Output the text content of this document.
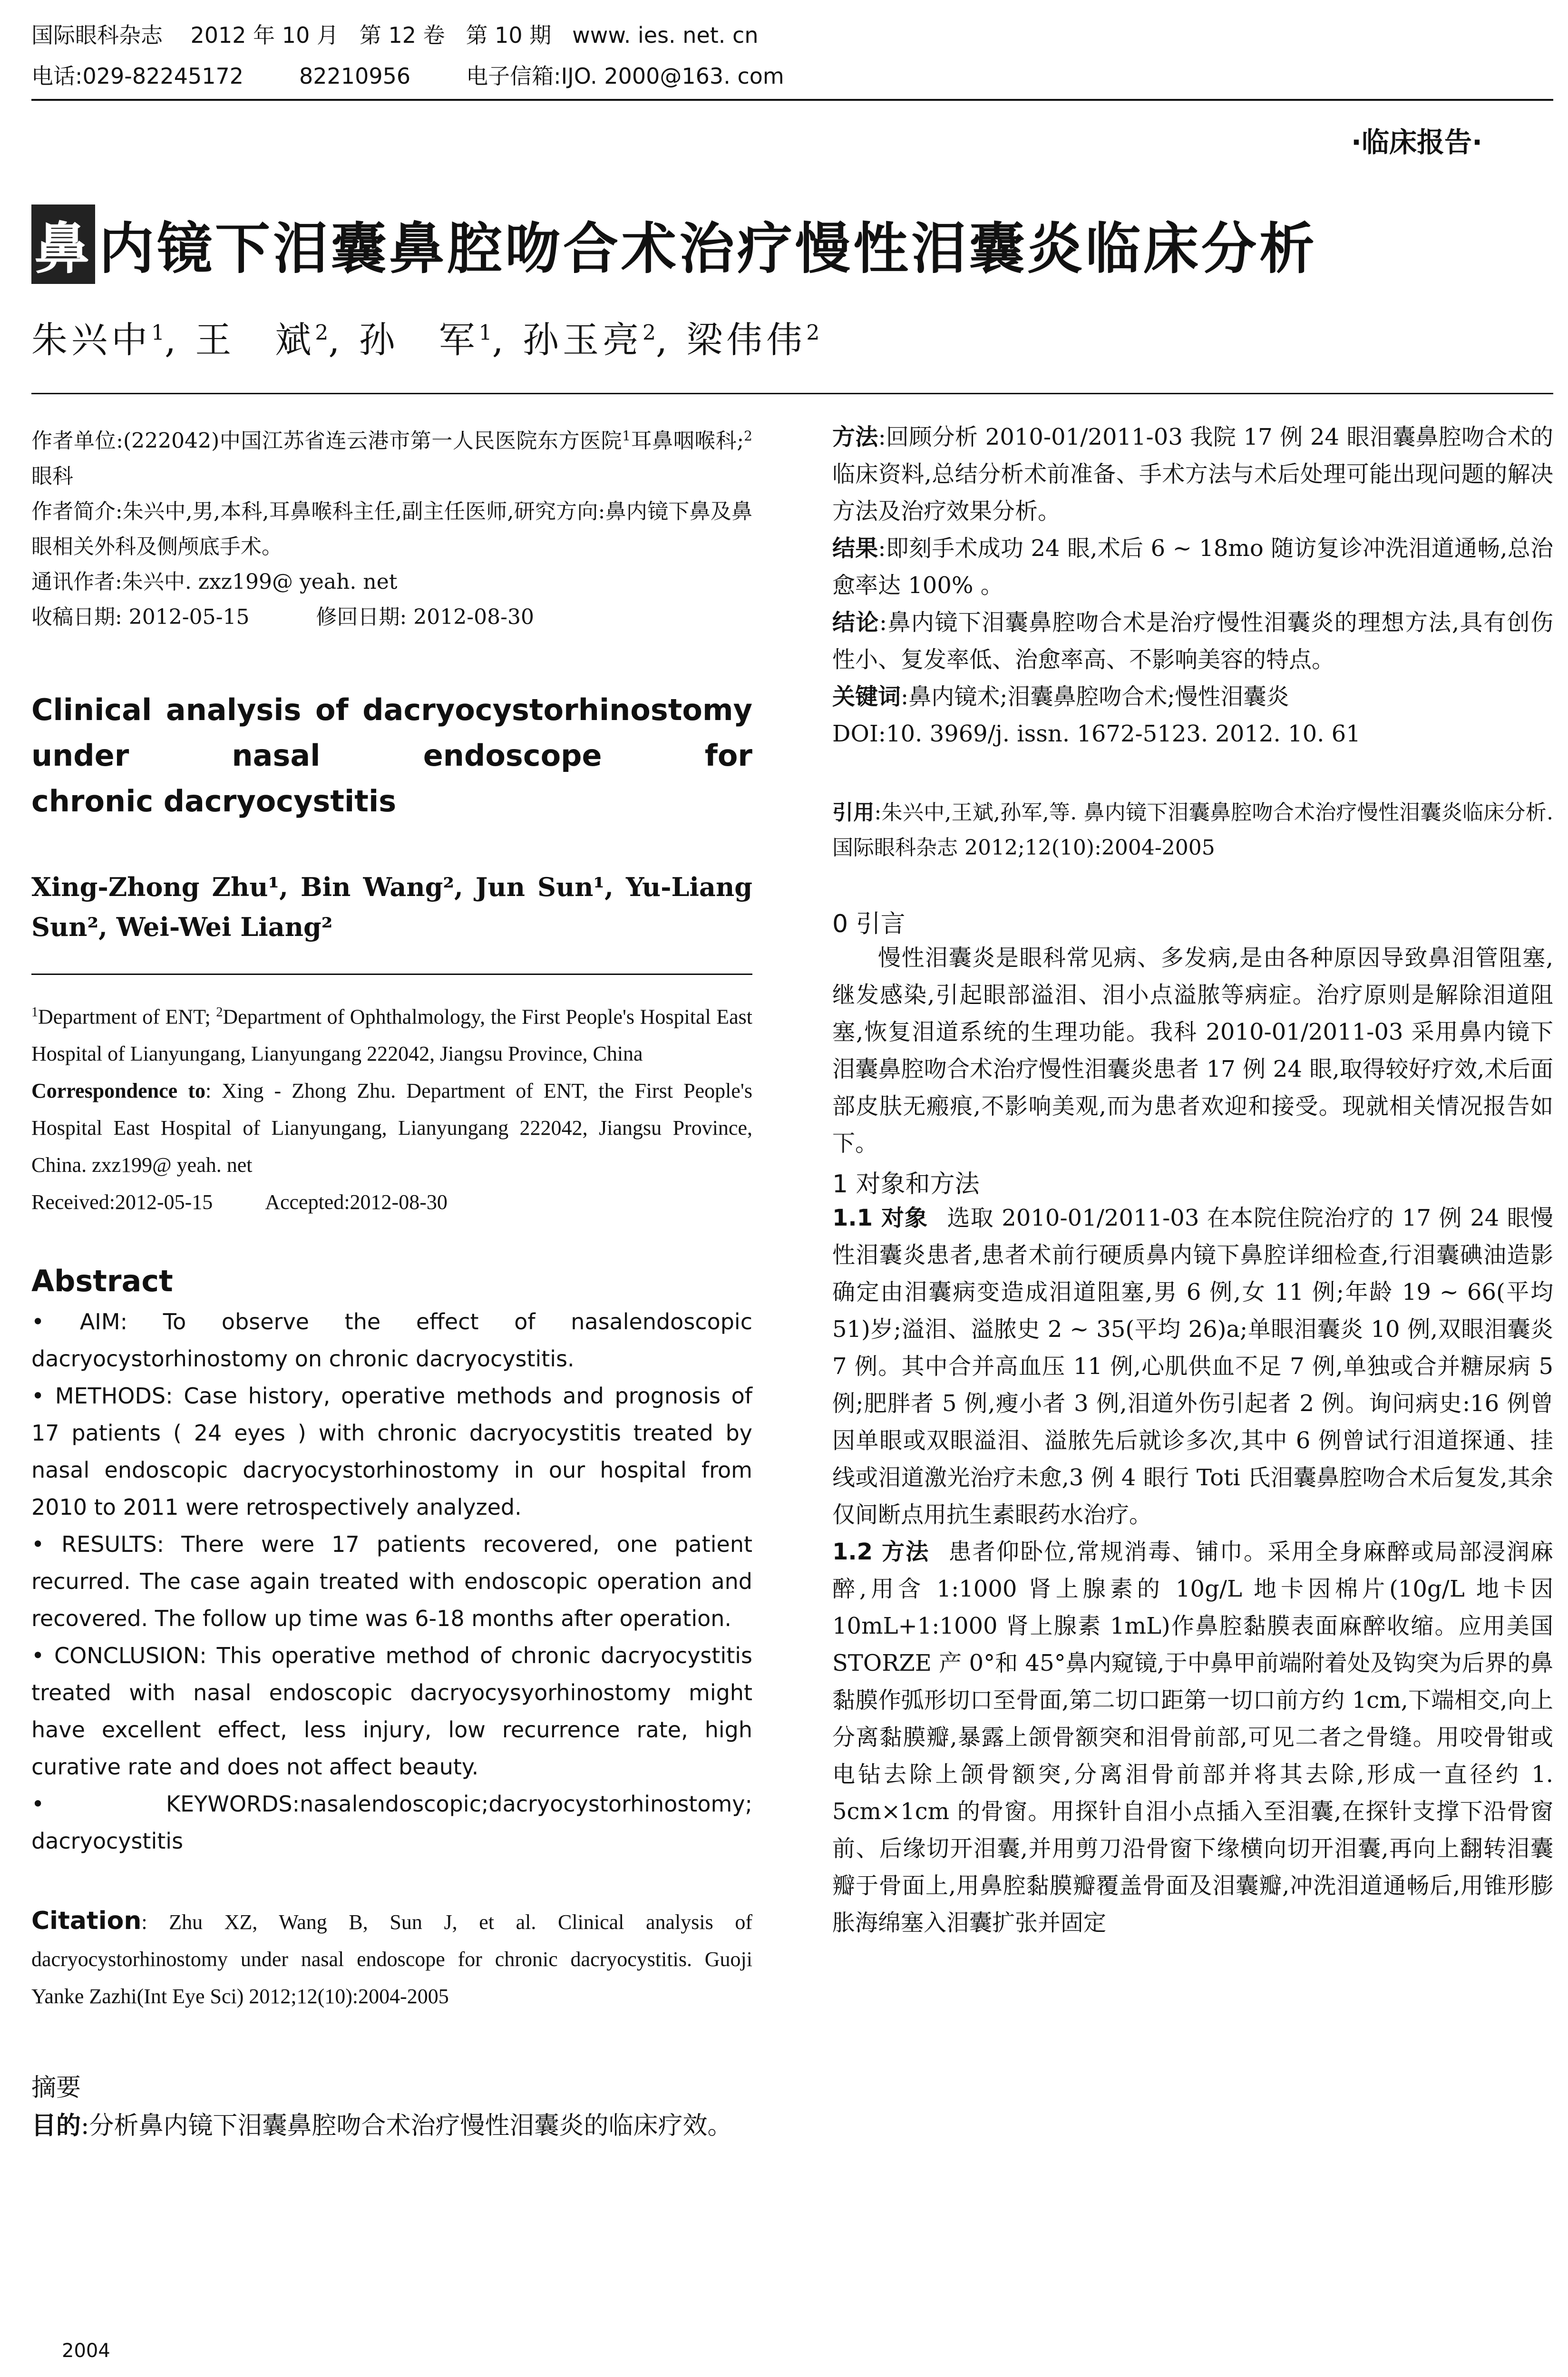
国际眼科杂志    2012 年 10 月   第 12 卷   第 10 期   www. ies. net. cn
电话:029-82245172        82210956        电子信箱:IJO. 2000@163. com
·临床报告·
鼻 内镜下泪囊鼻腔吻合术治疗慢性泪囊炎临床分析
朱兴中$^1$, 王　斌$^2$, 孙　军$^1$, 孙玉亮$^2$, 梁伟伟$^2$

作者单位:(222042)中国江苏省连云港市第一人民医院东方医院$^1$耳鼻咽喉科;$^2$眼科

作者简介:朱兴中,男,本科,耳鼻喉科主任,副主任医师,研究方向:鼻内镜下鼻及鼻眼相关外科及侧颅底手术。

通讯作者:朱兴中. zxz199@ yeah. net

收稿日期: 2012-05-15	修回日期: 2012-08-30

Clinical analysis of dacryocystorhinostomy
under nasal endoscope for
chronic dacryocystitis
Xing-Zhong Zhu¹, Bin Wang², Jun Sun¹, Yu-Liang Sun², Wei-Wei Liang²
$^1$Department of ENT; $^2$Department of Ophthalmology, the First People's Hospital East Hospital of Lianyungang, Lianyungang 222042, Jiangsu Province, China
Correspondence to: Xing - Zhong Zhu. Department of ENT, the First People's Hospital East Hospital of Lianyungang, Lianyungang 222042, Jiangsu Province, China. zxz199@ yeah. net
Received:2012-05-15	Accepted:2012-08-30
Abstract
• AIM: To observe the effect of nasalendoscopic dacryocystorhinostomy on chronic dacryocystitis.
• METHODS: Case history, operative methods and prognosis of 17 patients ( 24 eyes ) with chronic dacryocystitis treated by nasal endoscopic dacryocystorhinostomy in our hospital from 2010 to 2011 were retrospectively analyzed.
• RESULTS: There were 17 patients recovered, one patient recurred. The case again treated with endoscopic operation and recovered. The follow up time was 6-18 months after operation.
• CONCLUSION: This operative method of chronic dacryocystitis treated with nasal endoscopic dacryocysyorhinostomy might have excellent effect, less injury, low recurrence rate, high curative rate and does not affect beauty.
• KEYWORDS:nasalendoscopic;dacryocystorhinostomy; dacryocystitis
Citation: Zhu XZ, Wang B, Sun J, et al. Clinical analysis of dacryocystorhinostomy under nasal endoscope for chronic dacryocystitis. Guoji Yanke Zazhi(Int Eye Sci) 2012;12(10):2004-2005
摘要
目的:分析鼻内镜下泪囊鼻腔吻合术治疗慢性泪囊炎的临床疗效。
方法:回顾分析 2010-01/2011-03 我院 17 例 24 眼泪囊鼻腔吻合术的临床资料,总结分析术前准备、手术方法与术后处理可能出现问题的解决方法及治疗效果分析。
结果:即刻手术成功 24 眼,术后 6 ~ 18mo 随访复诊冲洗泪道通畅,总治愈率达 100% 。
结论:鼻内镜下泪囊鼻腔吻合术是治疗慢性泪囊炎的理想方法,具有创伤性小、复发率低、治愈率高、不影响美容的特点。
关键词:鼻内镜术;泪囊鼻腔吻合术;慢性泪囊炎
DOI:10. 3969/j. issn. 1672-5123. 2012. 10. 61
引用:朱兴中,王斌,孙军,等. 鼻内镜下泪囊鼻腔吻合术治疗慢性泪囊炎临床分析. 国际眼科杂志 2012;12(10):2004-2005
0 引言
慢性泪囊炎是眼科常见病、多发病,是由各种原因导致鼻泪管阻塞,继发感染,引起眼部溢泪、泪小点溢脓等病症。治疗原则是解除泪道阻塞,恢复泪道系统的生理功能。我科 2010-01/2011-03 采用鼻内镜下泪囊鼻腔吻合术治疗慢性泪囊炎患者 17 例 24 眼,取得较好疗效,术后面部皮肤无瘢痕,不影响美观,而为患者欢迎和接受。现就相关情况报告如下。
1 对象和方法
1.1 对象 选取 2010-01/2011-03 在本院住院治疗的 17 例 24 眼慢性泪囊炎患者,患者术前行硬质鼻内镜下鼻腔详细检查,行泪囊碘油造影确定由泪囊病变造成泪道阻塞,男 6 例,女 11 例;年龄 19 ~ 66(平均 51)岁;溢泪、溢脓史 2 ~ 35(平均 26)a;单眼泪囊炎 10 例,双眼泪囊炎 7 例。其中合并高血压 11 例,心肌供血不足 7 例,单独或合并糖尿病 5 例;肥胖者 5 例,瘦小者 3 例,泪道外伤引起者 2 例。询问病史:16 例曾因单眼或双眼溢泪、溢脓先后就诊多次,其中 6 例曾试行泪道探通、挂线或泪道激光治疗未愈,3 例 4 眼行 Toti 氏泪囊鼻腔吻合术后复发,其余仅间断点用抗生素眼药水治疗。
1.2 方法 患者仰卧位,常规消毒、铺巾。采用全身麻醉或局部浸润麻醉,用含 1:1000 肾上腺素的 10g/L 地卡因棉片(10g/L 地卡因 10mL+1:1000 肾上腺素 1mL)作鼻腔黏膜表面麻醉收缩。应用美国 STORZE 产 0°和 45°鼻内窥镜,于中鼻甲前端附着处及钩突为后界的鼻黏膜作弧形切口至骨面,第二切口距第一切口前方约 1cm,下端相交,向上分离黏膜瓣,暴露上颌骨额突和泪骨前部,可见二者之骨缝。用咬骨钳或电钻去除上颌骨额突,分离泪骨前部并将其去除,形成一直径约 1. 5cm×1cm 的骨窗。用探针自泪小点插入至泪囊,在探针支撑下沿骨窗前、后缘切开泪囊,并用剪刀沿骨窗下缘横向切开泪囊,再向上翻转泪囊瓣于骨面上,用鼻腔黏膜瓣覆盖骨面及泪囊瓣,冲洗泪道通畅后,用锥形膨胀海绵塞入泪囊扩张并固定
2004
